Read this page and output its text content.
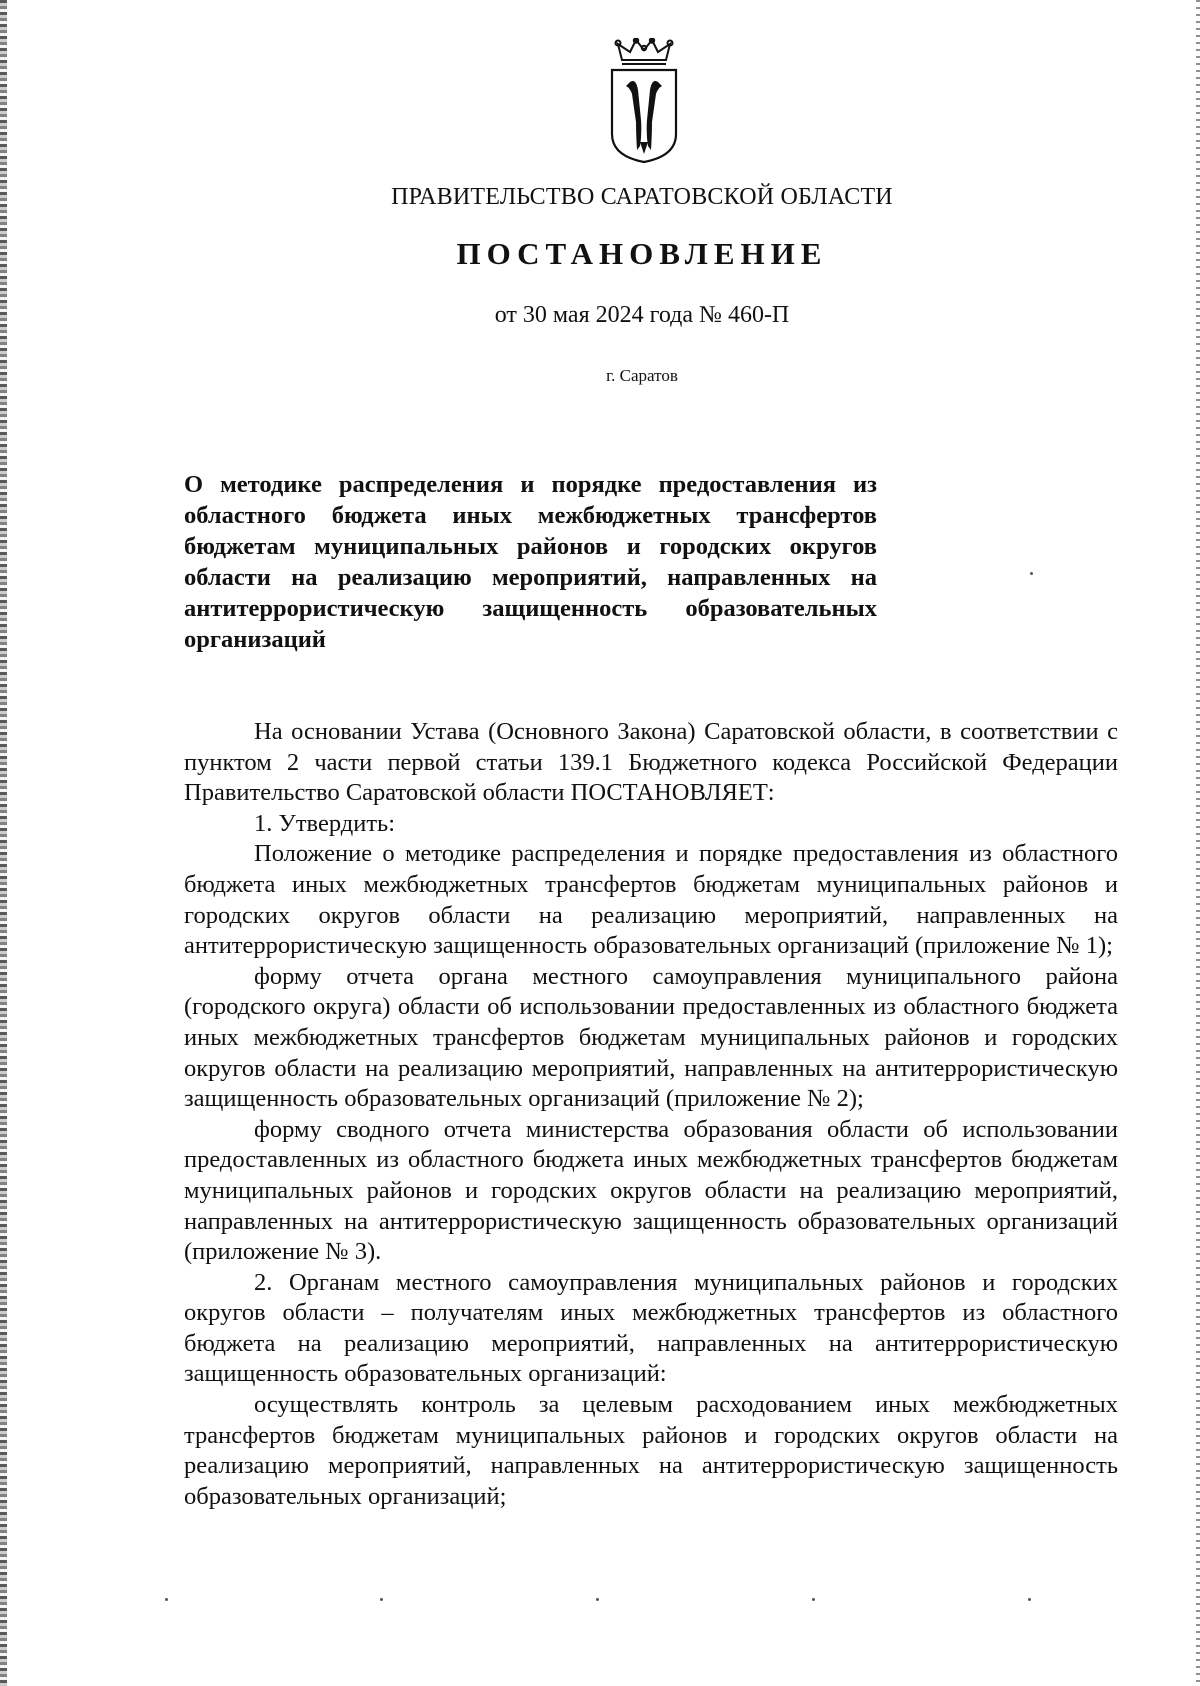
ПРАВИТЕЛЬСТВО САРАТОВСКОЙ ОБЛАСТИ
ПОСТАНОВЛЕНИЕ
от 30 мая 2024 года № 460-П
г. Саратов

О методике распределения и порядке предоставления из областного бюджета иных межбюджетных трансфертов бюджетам муниципальных районов и городских округов области на реализацию мероприятий, направленных на антитеррористическую защищенность образовательных организаций

На основании Устава (Основного Закона) Саратовской области, в соответствии с пунктом 2 части первой статьи 139.1 Бюджетного кодекса Российской Федерации Правительство Саратовской области ПОСТАНОВЛЯЕТ:

1. Утвердить:

Положение о методике распределения и порядке предоставления из областного бюджета иных межбюджетных трансфертов бюджетам муниципальных районов и городских округов области на реализацию мероприятий, направленных на антитеррористическую защищенность образовательных организаций (приложение № 1);

форму отчета органа местного самоуправления муниципального района (городского округа) области об использовании предоставленных из областного бюджета иных межбюджетных трансфертов бюджетам муниципальных районов и городских округов области на реализацию мероприятий, направленных на антитеррористическую защищенность образовательных организаций (приложение № 2);

форму сводного отчета министерства образования области об использовании предоставленных из областного бюджета иных межбюджетных трансфертов бюджетам муниципальных районов и городских округов области на реализацию мероприятий, направленных на антитеррористическую защищенность образовательных организаций (приложение № 3).

2. Органам местного самоуправления муниципальных районов и городских округов области – получателям иных межбюджетных трансфертов из областного бюджета на реализацию мероприятий, направленных на антитеррористическую защищенность образовательных организаций:

осуществлять контроль за целевым расходованием иных межбюджетных трансфертов бюджетам муниципальных районов и городских округов области на реализацию мероприятий, направленных на антитеррористическую защищенность образовательных организаций;
